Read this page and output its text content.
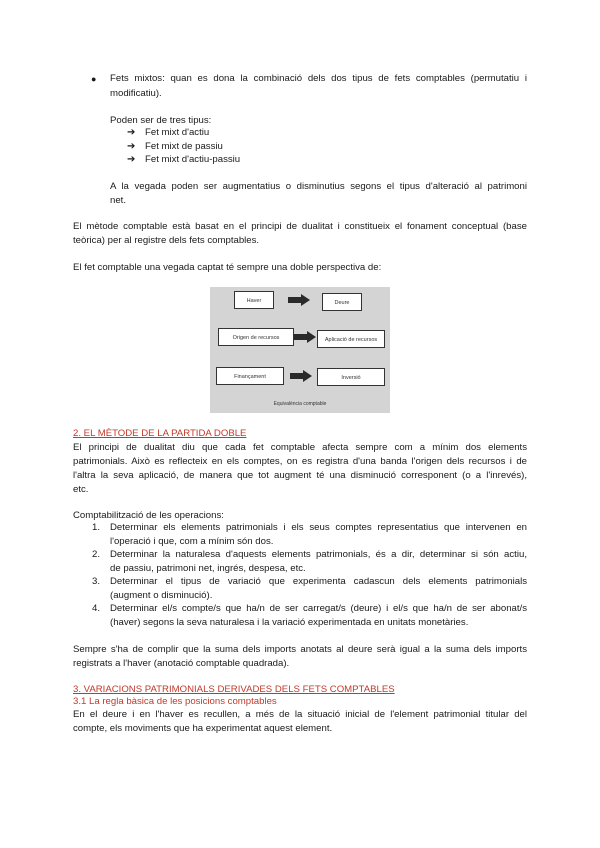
● Fets mixtos: quan es dona la combinació dels dos tipus de fets comptables (permutatiu i
modificatiu).
Poden ser de tres tipus:
➔ Fet mixt d'actiu
➔ Fet mixt de passiu
➔ Fet mixt d'actiu-passiu
A la vegada poden ser augmentatius o disminutius segons el tipus d'alteració al patrimoni
net.
El mètode comptable està basat en el principi de dualitat i constitueix el fonament conceptual (base
teòrica) per al registre dels fets comptables.
El fet comptable una vegada captat té sempre una doble perspectiva de:
Haver	Deure
Origen de recursos	Aplicació de recursos
Finançament	Inversió
Equivalència comptable
2. EL MÈTODE DE LA PARTIDA DOBLE
El principi de dualitat diu que cada fet comptable afecta sempre com a mínim dos elements
patrimonials. Això es reflecteix en els comptes, on es registra d'una banda l'origen dels recursos i de
l'altra la seva aplicació, de manera que tot augment té una disminució corresponent (o a l'inrevés),
etc.
Comptabilització de les operacions:
1. Determinar els elements patrimonials i els seus comptes representatius que intervenen en
l'operació i que, com a mínim són dos.
2. Determinar la naturalesa d'aquests elements patrimonials, és a dir, determinar si són actiu,
de passiu, patrimoni net, ingrés, despesa, etc.
3. Determinar el tipus de variació que experimenta cadascun dels elements patrimonials
(augment o disminució).
4. Determinar el/s compte/s que ha/n de ser carregat/s (deure) i el/s que ha/n de ser abonat/s
(haver) segons la seva naturalesa i la variació experimentada en unitats monetàries.
Sempre s'ha de complir que la suma dels imports anotats al deure serà igual a la suma dels imports
registrats a l'haver (anotació comptable quadrada).
3. VARIACIONS PATRIMONIALS DERIVADES DELS FETS COMPTABLES
3.1 La regla bàsica de les posicions comptables
En el deure i en l'haver es recullen, a més de la situació inicial de l'element patrimonial titular del
compte, els moviments que ha experimentat aquest element.
